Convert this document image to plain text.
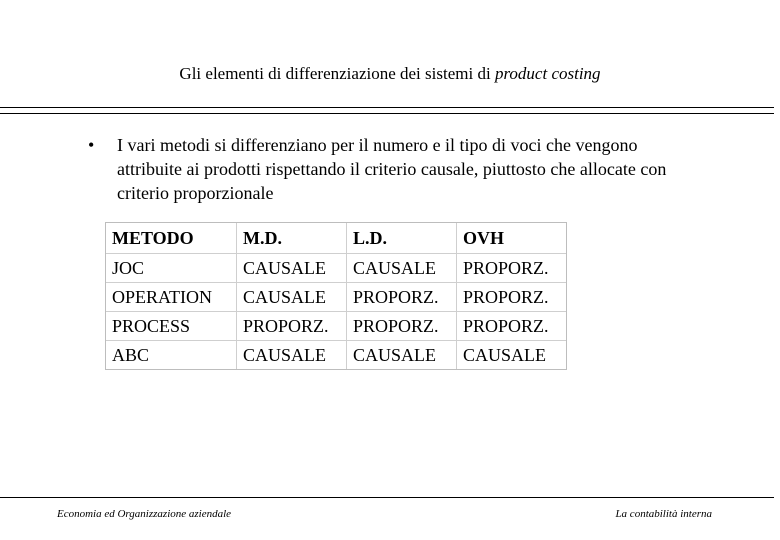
Gli elementi di differenziazione dei sistemi di product costing
• I vari metodi si differenziano per il numero e il tipo di voci che vengono attribuite ai prodotti rispettando il criterio causale, piuttosto che allocate con criterio proporzionale
METODO	M.D.	L.D.	OVH
JOC	CAUSALE	CAUSALE	PROPORZ.
OPERATION	CAUSALE	PROPORZ.	PROPORZ.
PROCESS	PROPORZ.	PROPORZ.	PROPORZ.
ABC	CAUSALE	CAUSALE	CAUSALE
Economia ed Organizzazione aziendale	La contabilità interna
